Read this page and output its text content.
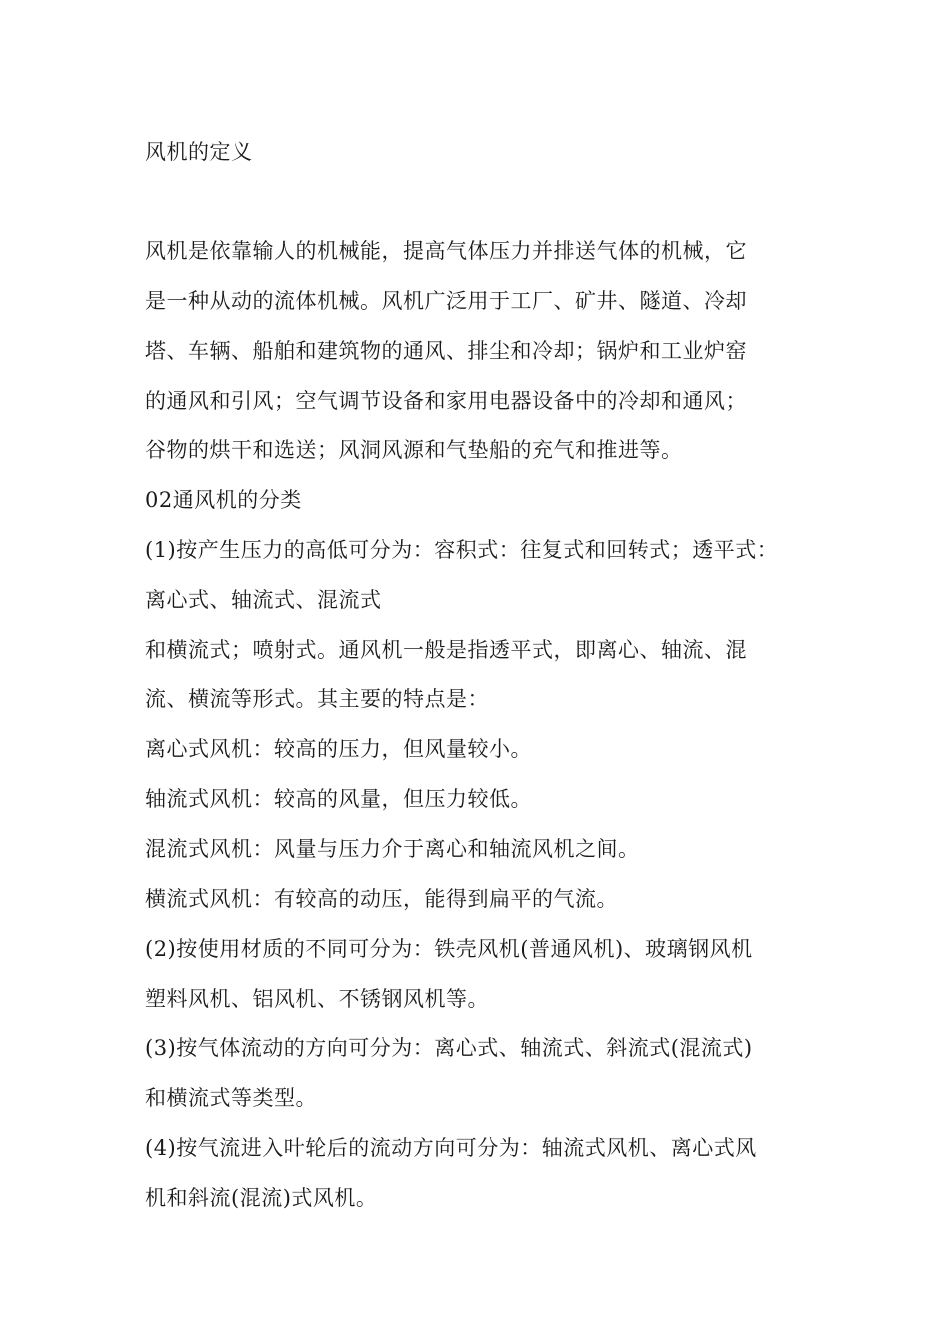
风机的定义
风机是依靠输人的机械能，提高气体压力并排送气体的机械，它
是一种从动的流体机械。风机广泛用于工厂、矿井、隧道、冷却
塔、车辆、船舶和建筑物的通风、排尘和冷却；锅炉和工业炉窑
的通风和引风；空气调节设备和家用电器设备中的冷却和通风；
谷物的烘干和选送；风洞风源和气垫船的充气和推进等。
02通风机的分类
(1)按产生压力的高低可分为：容积式：往复式和回转式；透平式：
离心式、轴流式、混流式
和横流式；喷射式。通风机一般是指透平式，即离心、轴流、混
流、横流等形式。其主要的特点是：
离心式风机：较高的压力，但风量较小。
轴流式风机：较高的风量，但压力较低。
混流式风机：风量与压力介于离心和轴流风机之间。
横流式风机：有较高的动压，能得到扁平的气流。
(2)按使用材质的不同可分为：铁壳风机(普通风机)、玻璃钢风机
塑料风机、铝风机、不锈钢风机等。
(3)按气体流动的方向可分为：离心式、轴流式、斜流式(混流式)
和横流式等类型。
(4)按气流进入叶轮后的流动方向可分为：轴流式风机、离心式风
机和斜流(混流)式风机。
